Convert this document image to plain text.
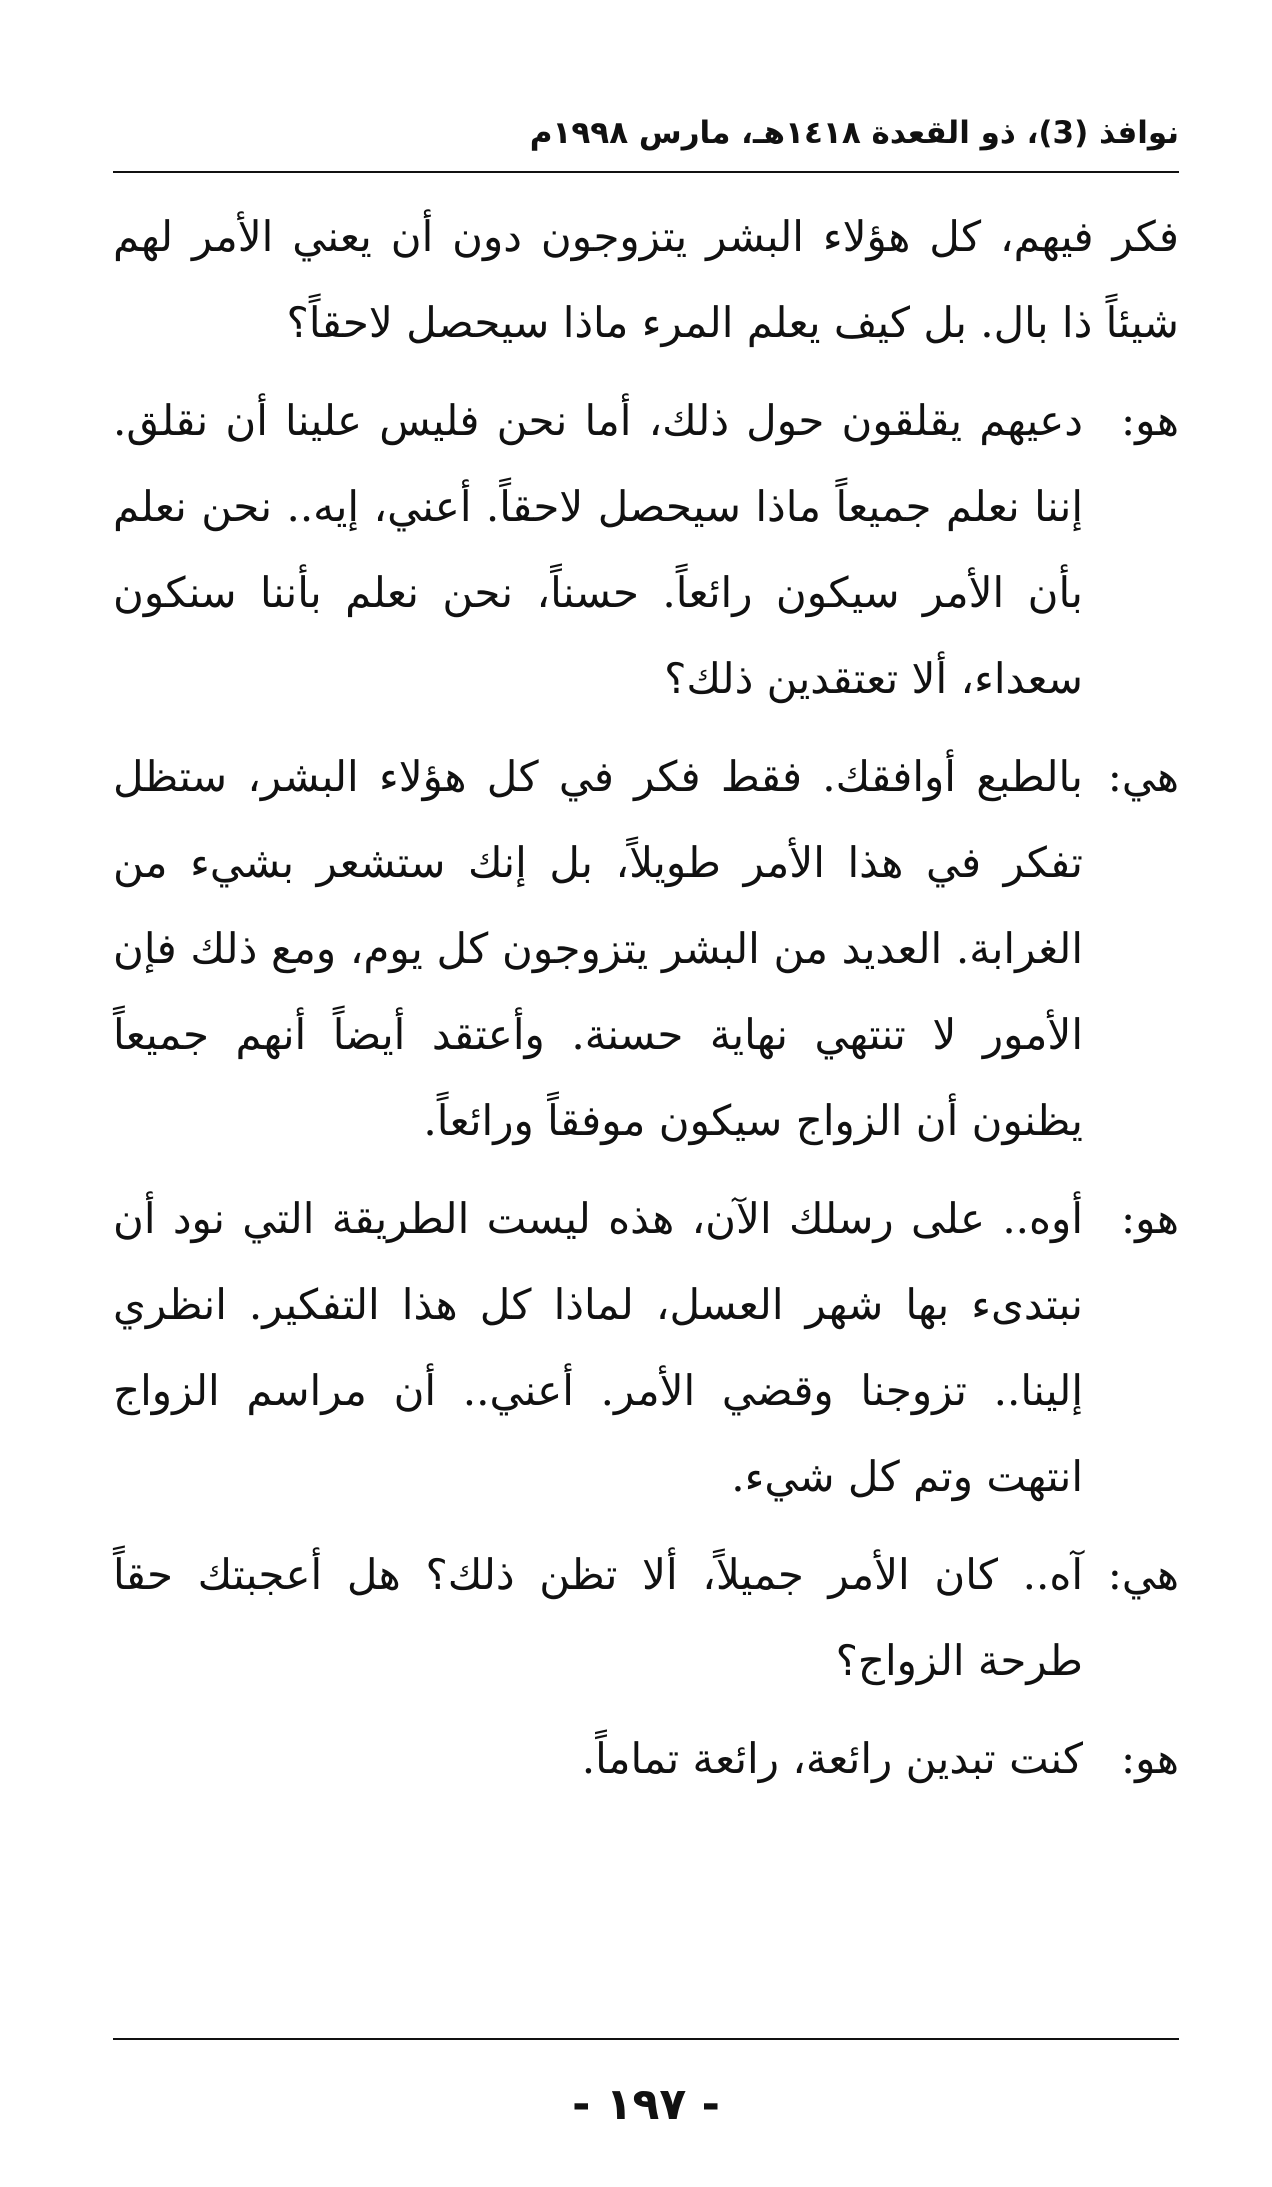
نوافذ (3)، ذو القعدة ١٤١٨هـ، مارس ١٩٩٨م

فكر فيهم، كل هؤلاء البشر يتزوجون دون أن يعني الأمر لهم شيئاً ذا بال. بل كيف يعلم المرء ماذا سيحصل لاحقاً؟

هو:
دعيهم يقلقون حول ذلك، أما نحن فليس علينا أن نقلق. إننا نعلم جميعاً ماذا سيحصل لاحقاً. أعني، إيه.. نحن نعلم بأن الأمر سيكون رائعاً. حسناً، نحن نعلم بأننا سنكون سعداء، ألا تعتقدين ذلك؟

هي:
بالطبع أوافقك. فقط فكر في كل هؤلاء البشر، ستظل تفكر في هذا الأمر طويلاً، بل إنك ستشعر بشيء من الغرابة. العديد من البشر يتزوجون كل يوم، ومع ذلك فإن الأمور لا تنتهي نهاية حسنة. وأعتقد أيضاً أنهم جميعاً يظنون أن الزواج سيكون موفقاً ورائعاً.

هو:
أوه.. على رسلك الآن، هذه ليست الطريقة التي نود أن نبتدىء بها شهر العسل، لماذا كل هذا التفكير. انظري إلينا.. تزوجنا وقضي الأمر. أعني.. أن مراسم الزواج انتهت وتم كل شيء.

هي:
آه.. كان الأمر جميلاً، ألا تظن ذلك؟ هل أعجبتك حقاً طرحة الزواج؟

هو:
كنت تبدين رائعة، رائعة تماماً.

- ١٩٧ -
